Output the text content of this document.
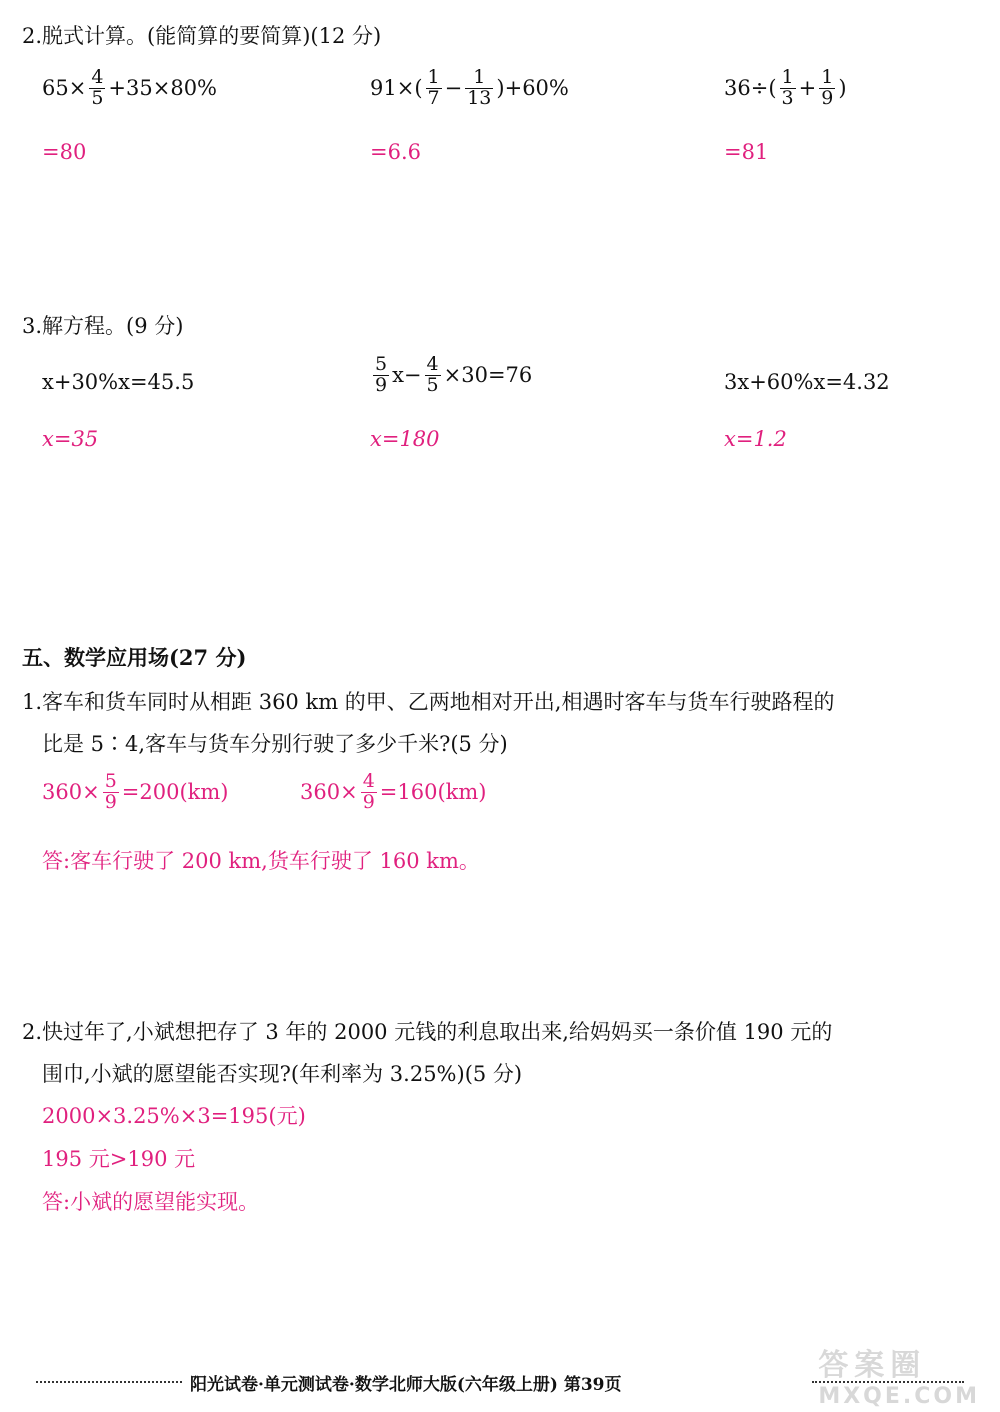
2.脱式计算。(能简算的要简算)(12 分)
$65\times \frac{4}{5} +35\times 80\%$
=80
$91\times( \frac{1}{7} - \frac{1}{13} )+60\%$
=6.6
$36\div( \frac{1}{3} + \frac{1}{9}$ )
=81
3.解方程。(9 分)
x+30%x=45.5
x=35
$\frac{5}{9} x- \frac{4}{5} \times 30=76$
x=180
3x+60%x=4.32
x=1.2
五、数学应用场(27 分)
1.客车和货车同时从相距 360 km 的甲、乙两地相对开出,相遇时客车与货车行驶路程的
比是 5∶4,客车与货车分别行驶了多少千米?(5 分)
$360\times \frac{5}{9} =200(km)$	$360\times \frac{4}{9} =160(km)$
答:客车行驶了 200 km,货车行驶了 160 km。
2.快过年了,小斌想把存了 3 年的 2000 元钱的利息取出来,给妈妈买一条价值 190 元的
围巾,小斌的愿望能否实现?(年利率为 3.25%)(5 分)
2000×3.25%×3=195(元)
195 元>190 元
答:小斌的愿望能实现。
阳光试卷·单元测试卷·数学北师大版(六年级上册) 第39页
答案圈
MXQE.COM
